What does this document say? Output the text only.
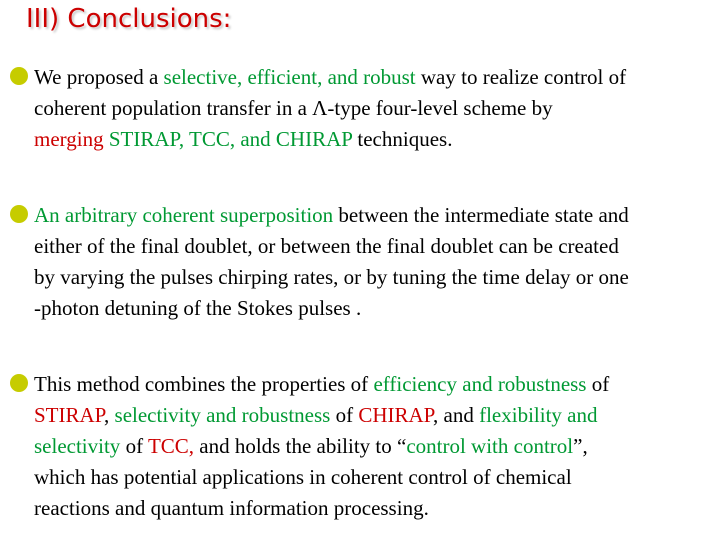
III) Conclusions:
We proposed a selective, efficient, and robust way to realize control of
coherent population transfer in a Λ-type four-level scheme by
merging STIRAP, TCC, and CHIRAP techniques.
An arbitrary coherent superposition between the intermediate state and
either of the final doublet, or between the final doublet can be created
by varying the pulses chirping rates, or by tuning the time delay or one
-photon detuning of the Stokes pulses .
This method combines the properties of efficiency and robustness of
STIRAP, selectivity and robustness of CHIRAP, and flexibility and
selectivity of TCC, and holds the ability to “control with control”,
which has potential applications in coherent control of chemical
reactions and quantum information processing.
